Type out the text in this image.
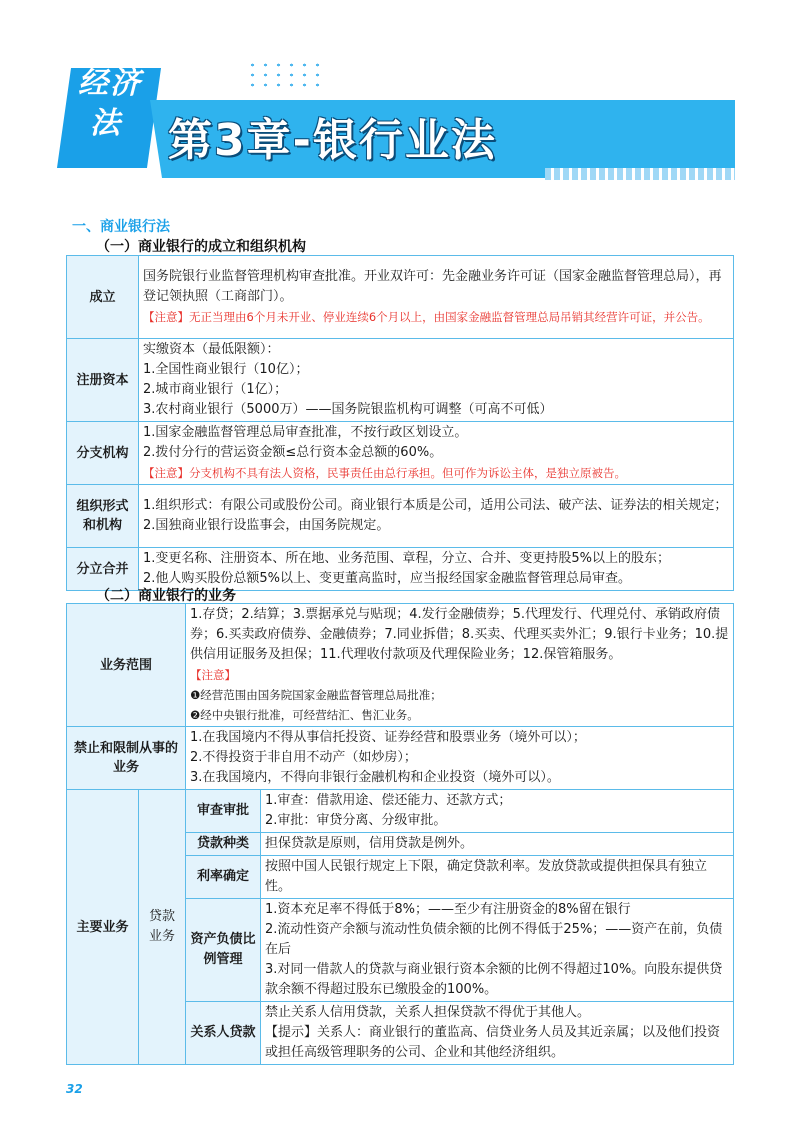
经济
法	第3章-银行业法
一、商业银行法
（一）商业银行的成立和组织机构
成立	国务院银行业监督管理机构审查批准。开业双许可：先金融业务许可证（国家金融监督管理总局），再登记领执照（工商部门）。
【注意】无正当理由6个月未开业、停业连续6个月以上，由国家金融监督管理总局吊销其经营许可证，并公告。

注册资本	实缴资本（最低限额）：
1.全国性商业银行（10亿）；
2.城市商业银行（1亿）；
3.农村商业银行（5000万）——国务院银监机构可调整（可高不可低）

分支机构	1.国家金融监督管理总局审查批准，不按行政区划设立。
2.拨付分行的营运资金额≤总行资本金总额的60%。
【注意】分支机构不具有法人资格，民事责任由总行承担。但可作为诉讼主体，是独立原被告。

组织形式和机构	1.组织形式：有限公司或股份公司。商业银行本质是公司，适用公司法、破产法、证券法的相关规定；
2.国独商业银行设监事会，由国务院规定。

分立合并	1.变更名称、注册资本、所在地、业务范围、章程，分立、合并、变更持股5%以上的股东；
2.他人购买股份总额5%以上、变更董高监时，应当报经国家金融监督管理总局审查。
（二）商业银行的业务
业务范围		1.存贷；2.结算；3.票据承兑与贴现；4.发行金融债券；5.代理发行、代理兑付、承销政府债券；6.买卖政府债券、金融债券；7.同业拆借；8.买卖、代理买卖外汇；9.银行卡业务；10.提供信用证服务及担保；11.代理收付款项及代理保险业务；12.保管箱服务。
【注意】
❶经营范围由国务院国家金融监督管理总局批准；
❷经中央银行批准，可经营结汇、售汇业务。	

禁止和限制从事的业务		1.在我国境内不得从事信托投资、证券经营和股票业务（境外可以）；
2.不得投资于非自用不动产（如炒房）；
3.在我国境内，不得向非银行金融机构和企业投资（境外可以）。	

主要业务	贷款业务	审查审批	1.审查：借款用途、偿还能力、还款方式；
2.审批：审贷分离、分级审批。

		贷款种类	担保贷款是原则，信用贷款是例外。

		利率确定	按照中国人民银行规定上下限，确定贷款利率。发放贷款或提供担保具有独立性。

		资产负债比例管理	1.资本充足率不得低于8%；——至少有注册资金的8%留在银行
2.流动性资产余额与流动性负债余额的比例不得低于25%；——资产在前，负债在后
3.对同一借款人的贷款与商业银行资本余额的比例不得超过10%。向股东提供贷款余额不得超过股东已缴股金的100%。

		关系人贷款	禁止关系人信用贷款，关系人担保贷款不得优于其他人。
【提示】关系人：商业银行的董监高、信贷业务人员及其近亲属；以及他们投资或担任高级管理职务的公司、企业和其他经济组织。
32
